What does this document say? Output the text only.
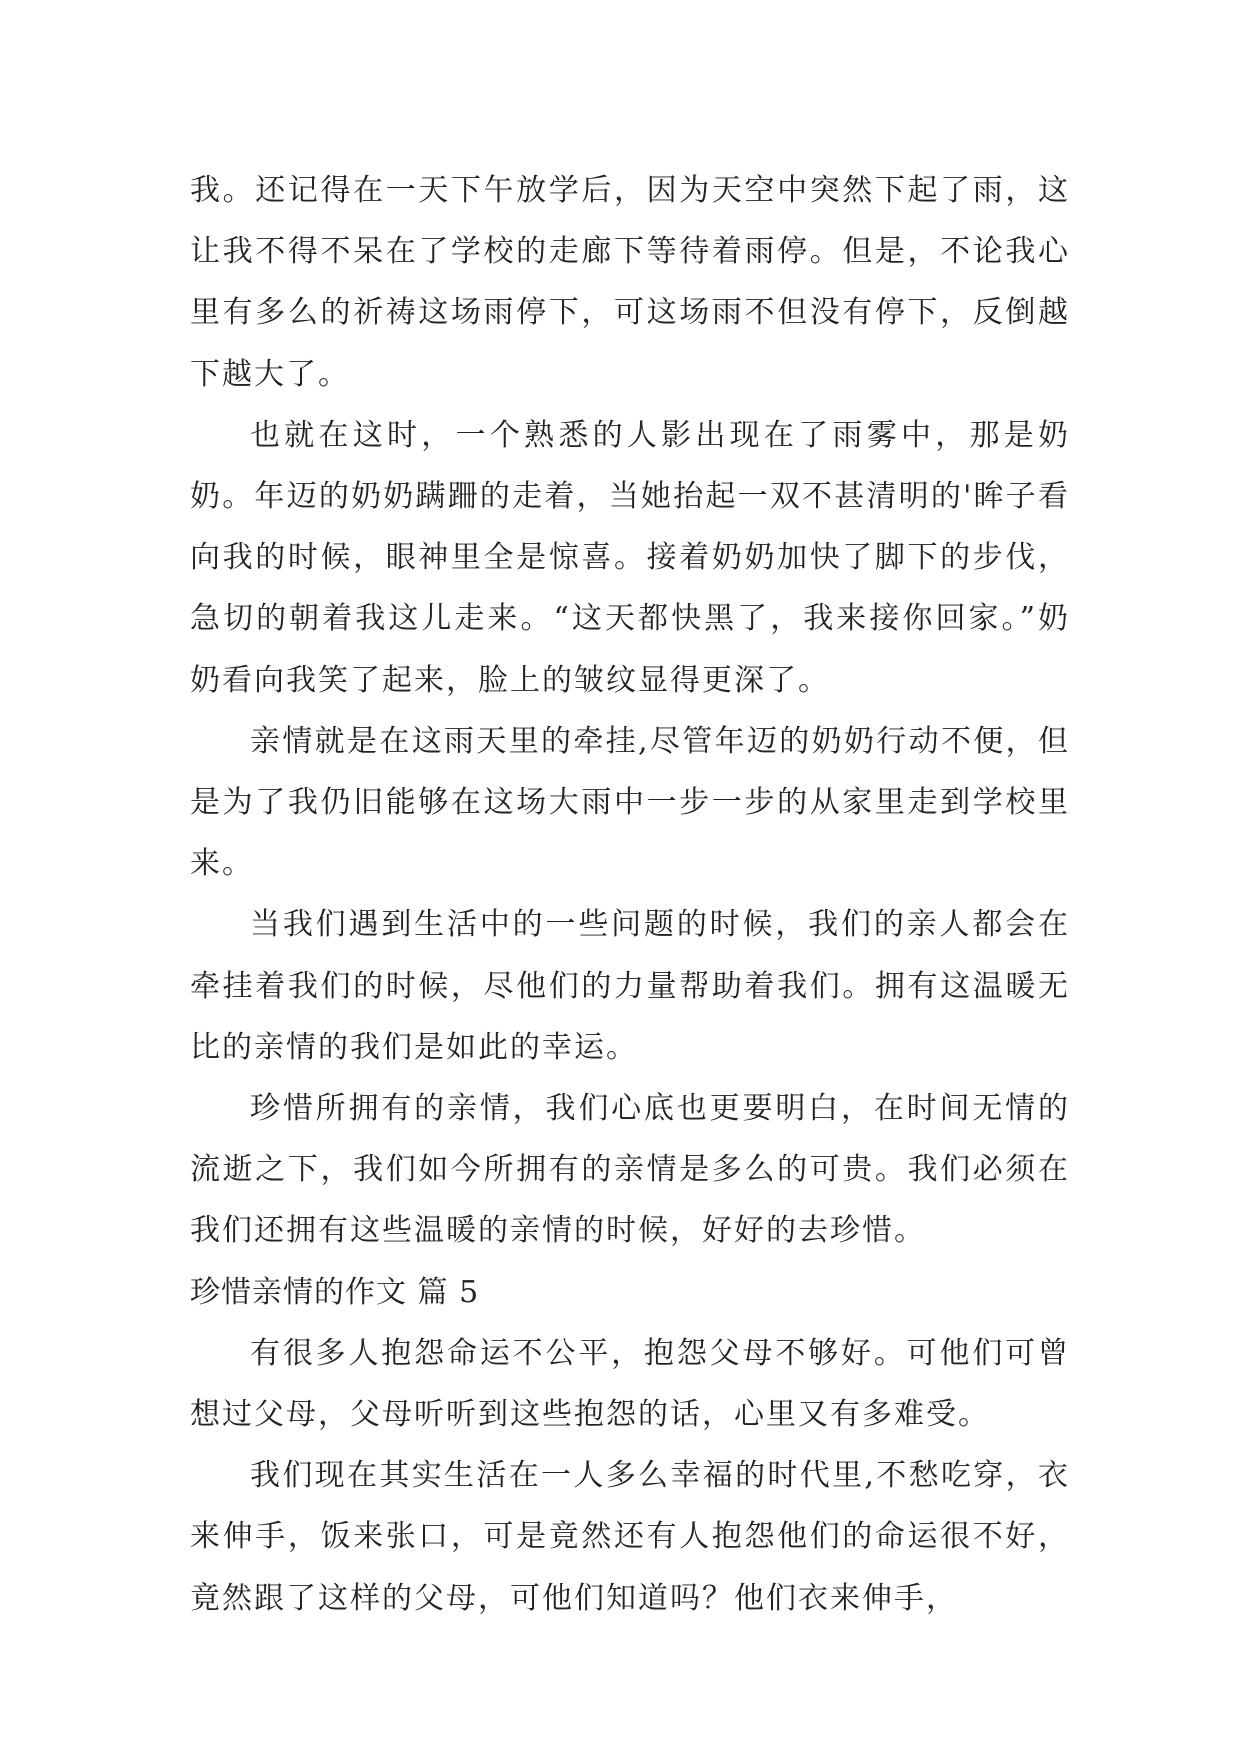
我。还记得在一天下午放学后，因为天空中突然下起了雨，这让我不得不呆在了学校的走廊下等待着雨停。但是，不论我心里有多么的祈祷这场雨停下，可这场雨不但没有停下，反倒越下越大了。

也就在这时，一个熟悉的人影出现在了雨雾中，那是奶奶。年迈的奶奶蹒跚的走着，当她抬起一双不甚清明的'眸子看向我的时候，眼神里全是惊喜。接着奶奶加快了脚下的步伐，急切的朝着我这儿走来。“这天都快黑了，我来接你回家。”奶奶看向我笑了起来，脸上的皱纹显得更深了。

亲情就是在这雨天里的牵挂,尽管年迈的奶奶行动不便，但是为了我仍旧能够在这场大雨中一步一步的从家里走到学校里来。

当我们遇到生活中的一些问题的时候，我们的亲人都会在牵挂着我们的时候，尽他们的力量帮助着我们。拥有这温暖无比的亲情的我们是如此的幸运。

珍惜所拥有的亲情，我们心底也更要明白，在时间无情的流逝之下，我们如今所拥有的亲情是多么的可贵。我们必须在我们还拥有这些温暖的亲情的时候，好好的去珍惜。

珍惜亲情的作文 篇 5

有很多人抱怨命运不公平，抱怨父母不够好。可他们可曾想过父母，父母听听到这些抱怨的话，心里又有多难受。

我们现在其实生活在一人多么幸福的时代里,不愁吃穿，衣来伸手，饭来张口，可是竟然还有人抱怨他们的命运很不好，竟然跟了这样的父母，可他们知道吗？他们衣来伸手，
